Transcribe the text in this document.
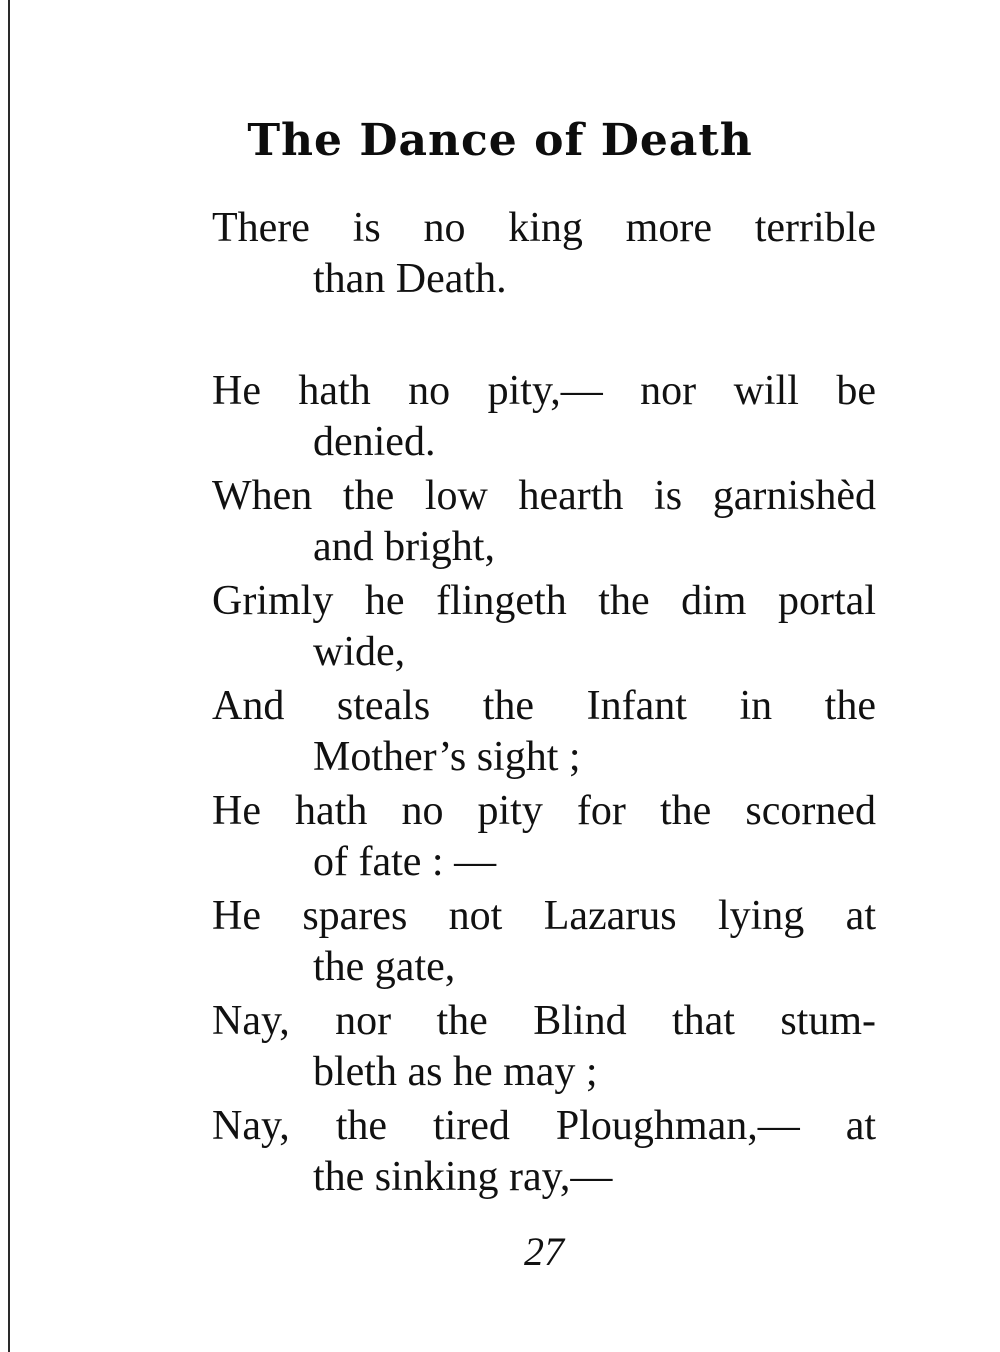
The Dance of Death
There is no king more terrible
than Death.
He hath no pity,— nor will be
denied.
When the low hearth is garnishèd
and bright,
Grimly he flingeth the dim portal
wide,
And steals the Infant in the
Mother’s sight ;
He hath no pity for the scorned
of fate : —
He spares not Lazarus lying at
the gate,
Nay, nor the Blind that stum-
bleth as he may ;
Nay, the tired Ploughman,— at
the sinking ray,—
27
